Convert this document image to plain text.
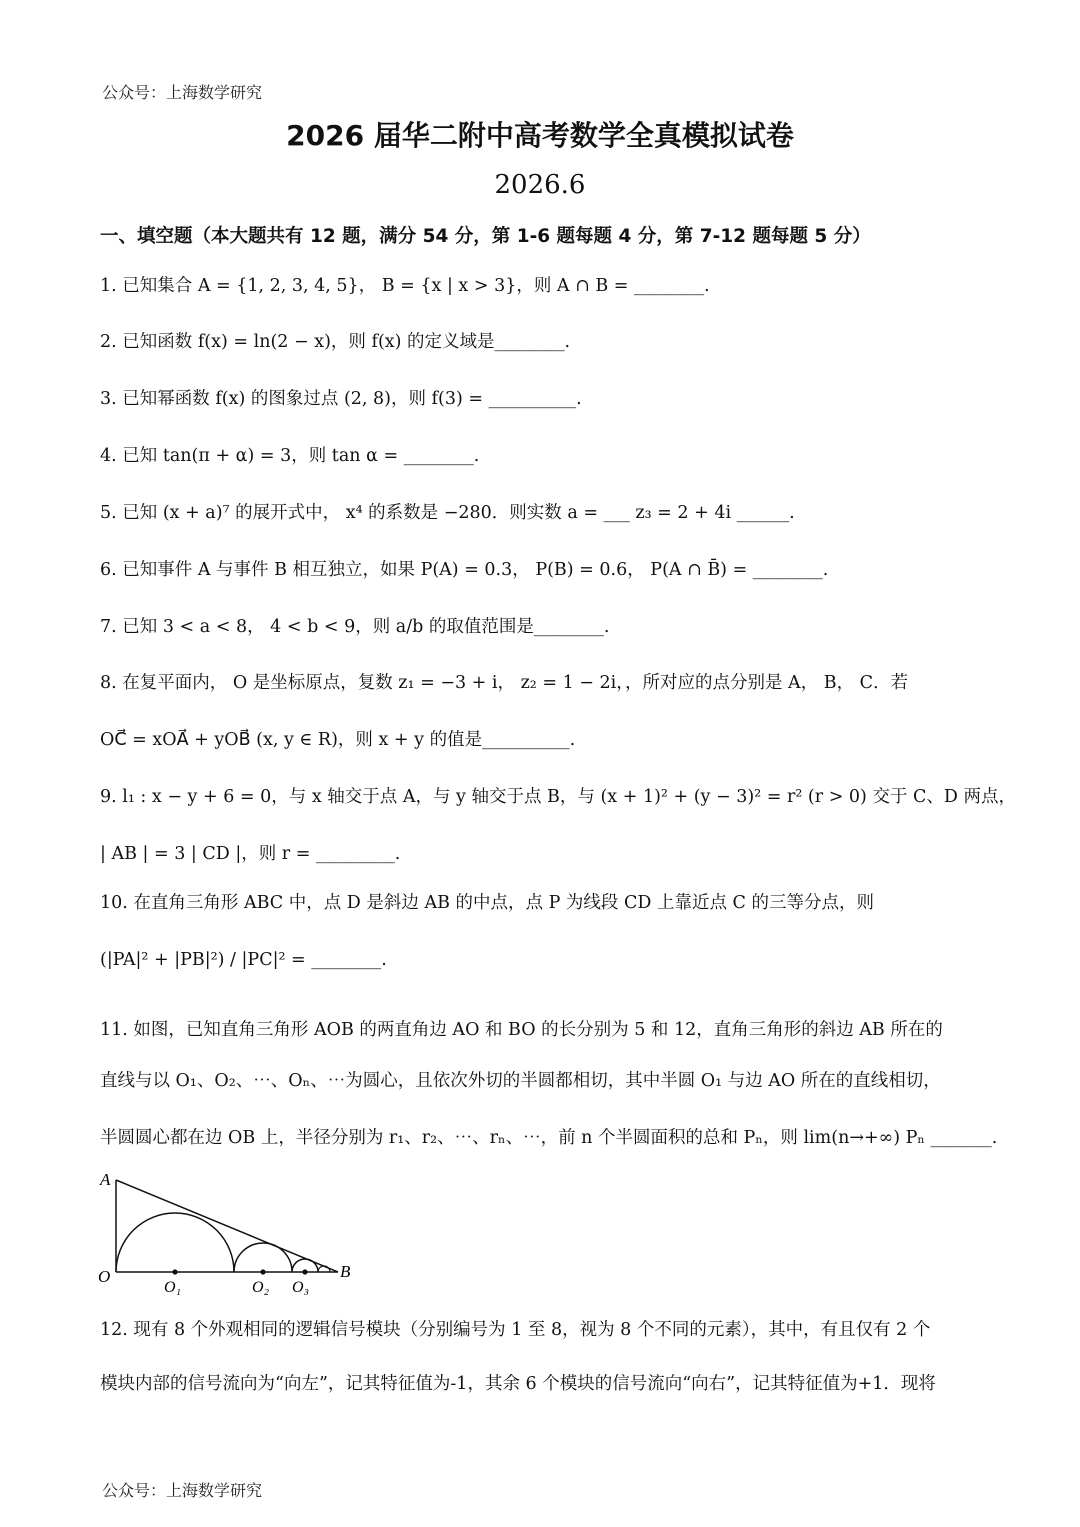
公众号：上海数学研究
2026 届华二附中高考数学全真模拟试卷
2026.6
一、填空题（本大题共有 12 题，满分 54 分，第 1-6 题每题 4 分，第 7-12 题每题 5 分）
1. 已知集合 A = {1, 2, 3, 4, 5}， B = {x | x > 3}，则 A ∩ B = ________.
2. 已知函数 f(x) = ln(2 − x)，则 f(x) 的定义域是________.
3. 已知幂函数 f(x) 的图象过点 (2, 8)，则 f(3) = __________.
4. 已知 tan(π + α) = 3，则 tan α = ________.
5. 已知 (x + a)⁷ 的展开式中， x⁴ 的系数是 −280．则实数 a = ___ z₃ = 2 + 4i ______.
6. 已知事件 A 与事件 B 相互独立，如果 P(A) = 0.3， P(B) = 0.6， P(A ∩ B̄) = ________.
7. 已知 3 < a < 8， 4 < b < 9，则 a/b 的取值范围是________.
8. 在复平面内， O 是坐标原点，复数 z₁ = −3 + i， z₂ = 1 − 2i，，所对应的点分别是 A， B， C．若
OC⃗ = xOA⃗ + yOB⃗ (x, y ∈ R)，则 x + y 的值是__________.
9. l₁ : x − y + 6 = 0，与 x 轴交于点 A，与 y 轴交于点 B，与 (x + 1)² + (y − 3)² = r² (r > 0) 交于 C、D 两点，
| AB | = 3 | CD |，则 r = _________.
10. 在直角三角形 ABC 中，点 D 是斜边 AB 的中点，点 P 为线段 CD 上靠近点 C 的三等分点，则
(|PA|² + |PB|²) / |PC|² = ________.
11. 如图，已知直角三角形 AOB 的两直角边 AO 和 BO 的长分别为 5 和 12，直角三角形的斜边 AB 所在的
直线与以 O₁、O₂、⋯、Oₙ、⋯为圆心，且依次外切的半圆都相切，其中半圆 O₁ 与边 AO 所在的直线相切，
半圆圆心都在边 OB 上，半径分别为 r₁、r₂、⋯、rₙ、⋯，前 n 个半圆面积的总和 Pₙ，则 lim(n→+∞) Pₙ _______.
A
O	B
O₁	O₂ O₃
12. 现有 8 个外观相同的逻辑信号模块（分别编号为 1 至 8，视为 8 个不同的元素），其中，有且仅有 2 个
模块内部的信号流向为“向左”，记其特征值为-1，其余 6 个模块的信号流向“向右”，记其特征值为+1．现将
公众号：上海数学研究
